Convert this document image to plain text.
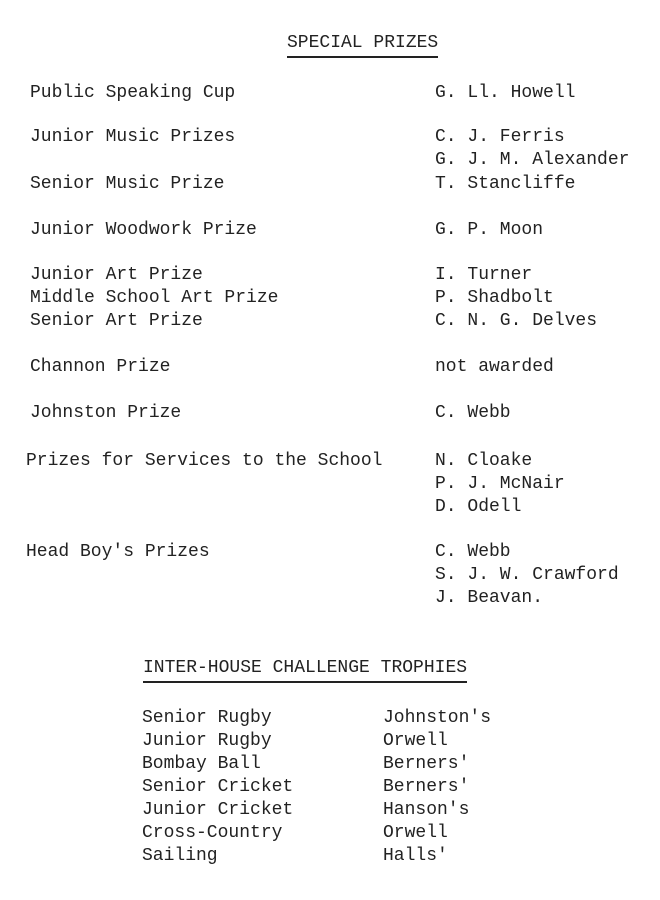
SPECIAL PRIZES
Public Speaking Cup	G. Ll. Howell
Junior Music Prizes	C. J. Ferris
G. J. M. Alexander
Senior Music Prize	T. Stancliffe
Junior Woodwork Prize	G. P. Moon
Junior Art Prize	I. Turner
Middle School Art Prize	P. Shadbolt
Senior Art Prize	C. N. G. Delves
Channon Prize	not awarded
Johnston Prize	C. Webb
Prizes for Services to the School	N. Cloake
P. J. McNair
D. Odell
Head Boy's Prizes	C. Webb
S. J. W. Crawford
J. Beavan.
INTER-HOUSE CHALLENGE TROPHIES
Senior Rugby	Johnston's
Junior Rugby	Orwell
Bombay Ball	Berners'
Senior Cricket	Berners'
Junior Cricket	Hanson's
Cross-Country	Orwell
Sailing	Halls'
